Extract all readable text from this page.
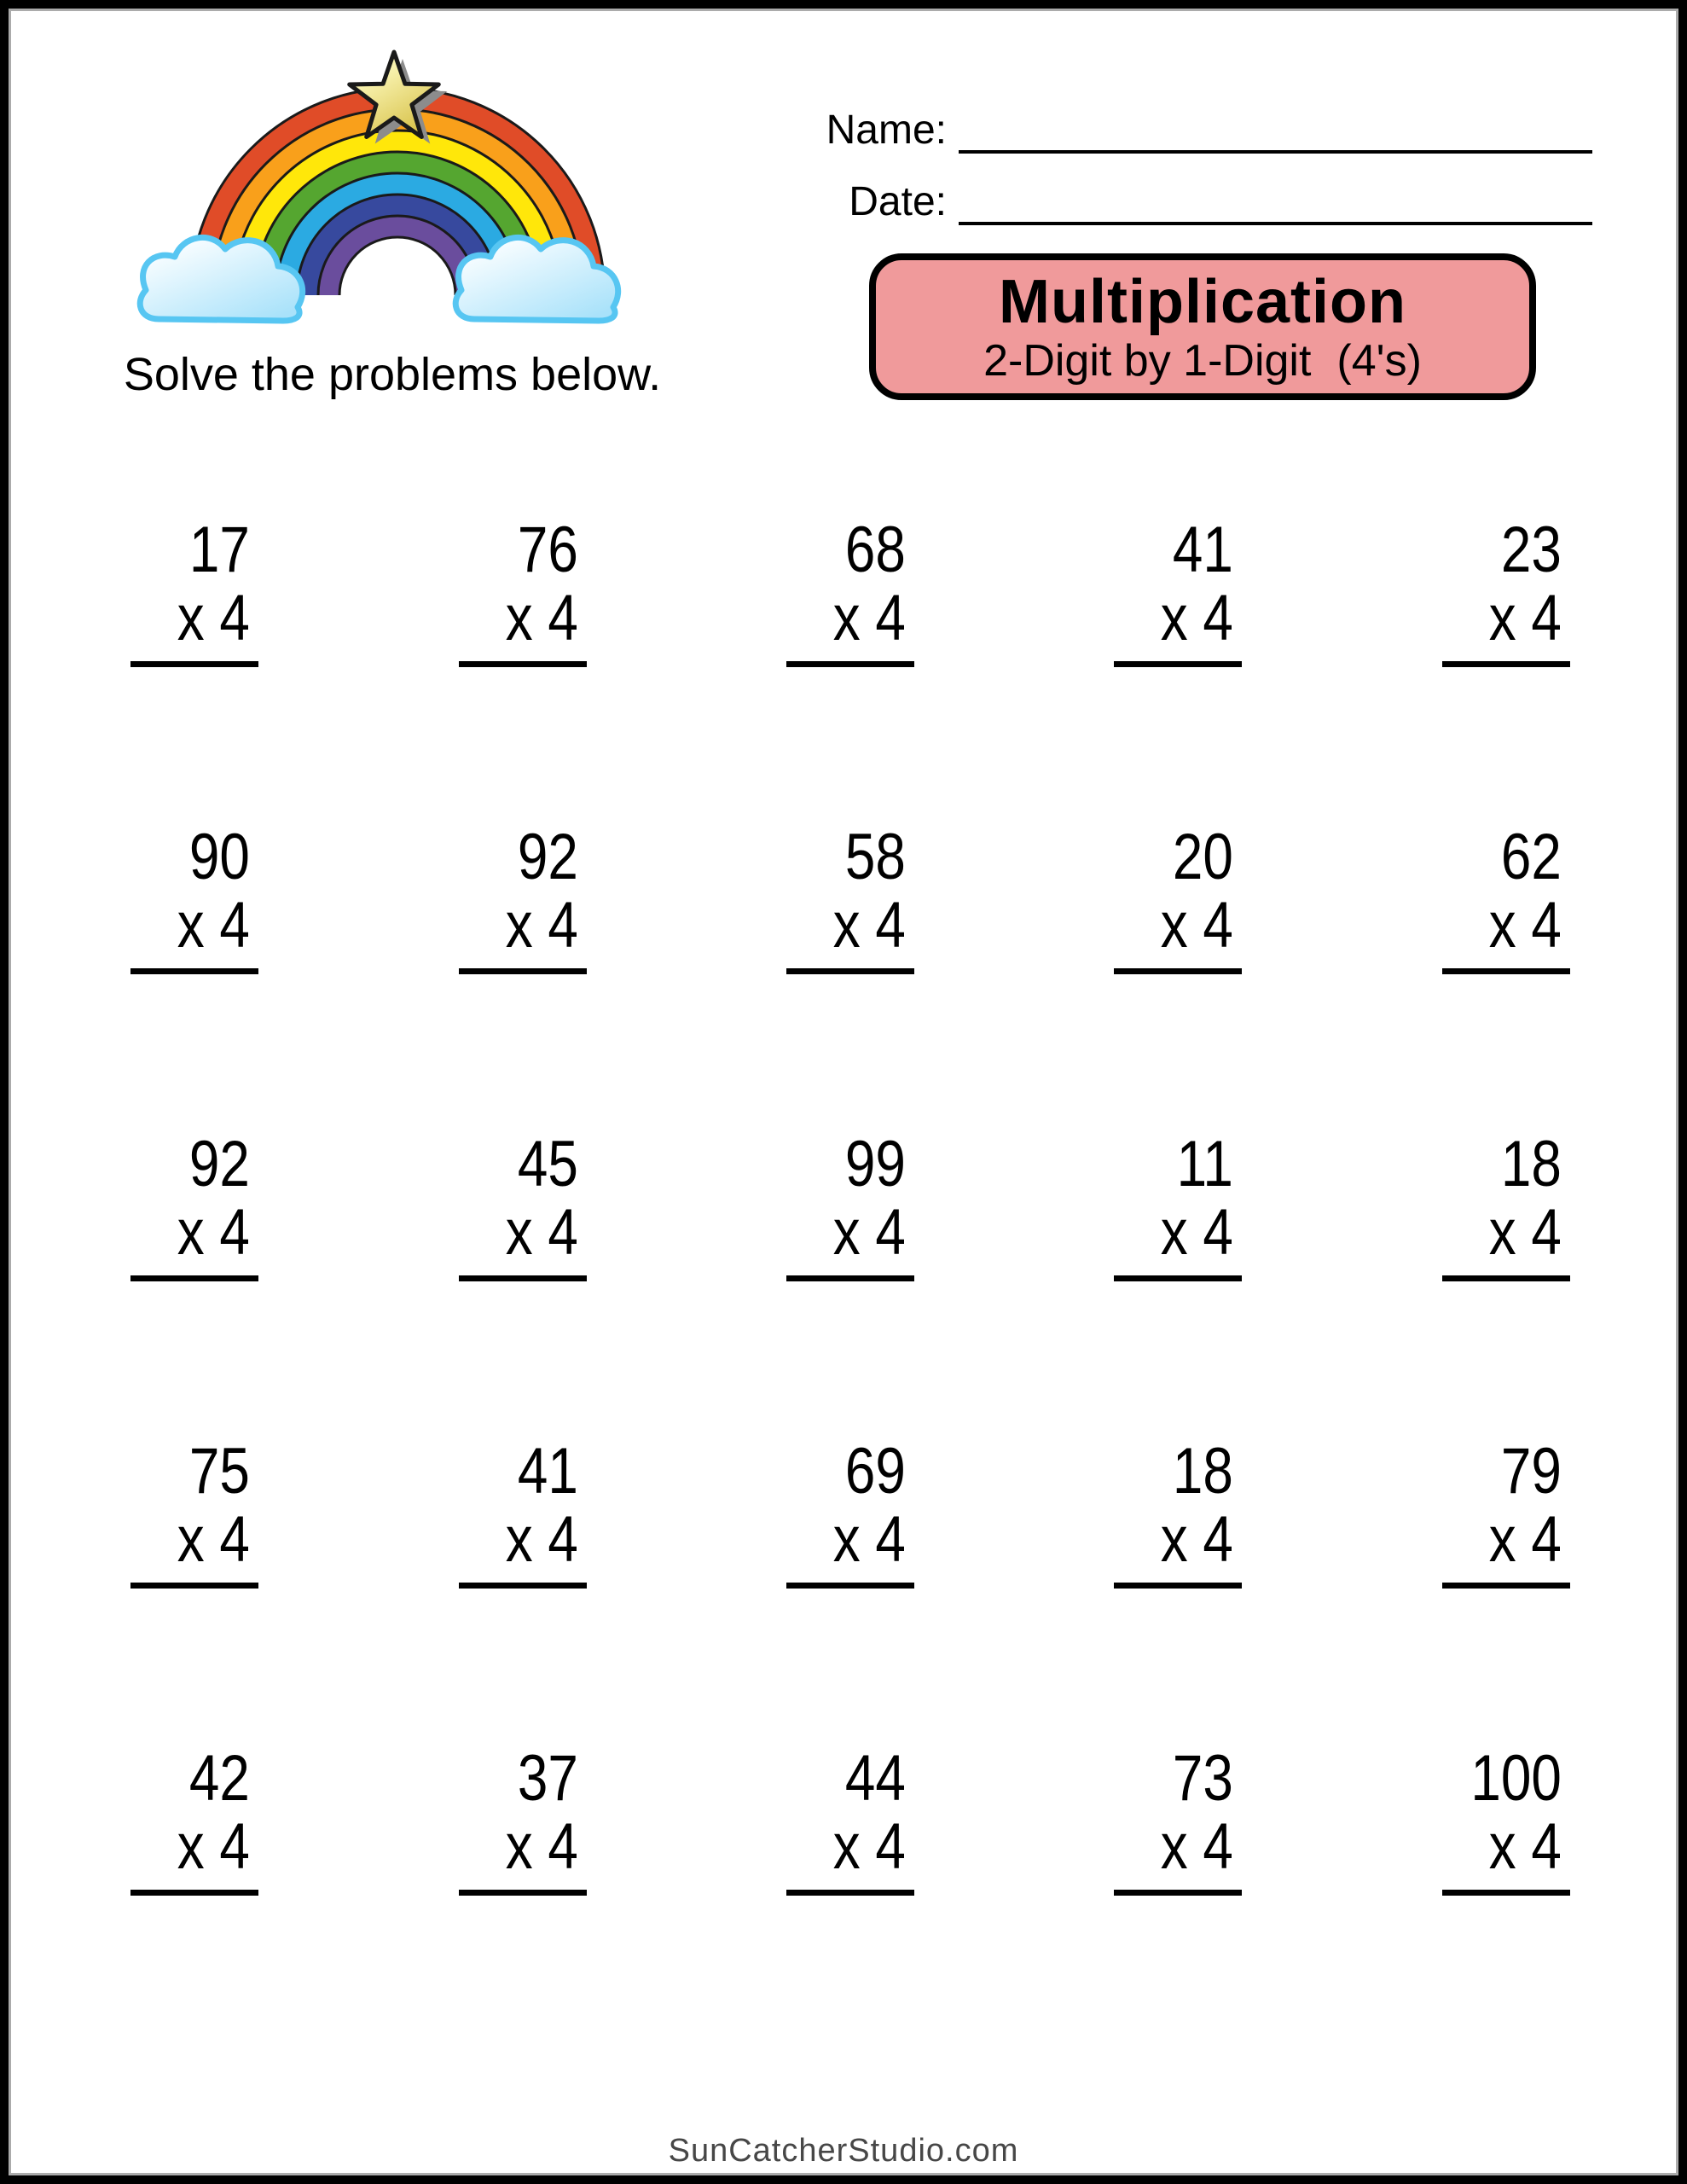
Solve the problems below.
Name:
Date:
Multiplication
2-Digit by 1-Digit (4's)
17
x 4
76
x 4
68
x 4
41
x 4
23
x 4
90
x 4
92
x 4
58
x 4
20
x 4
62
x 4
92
x 4
45
x 4
99
x 4
11
x 4
18
x 4
75
x 4
41
x 4
69
x 4
18
x 4
79
x 4
42
x 4
37
x 4
44
x 4
73
x 4
100
x 4
SunCatcherStudio.com
